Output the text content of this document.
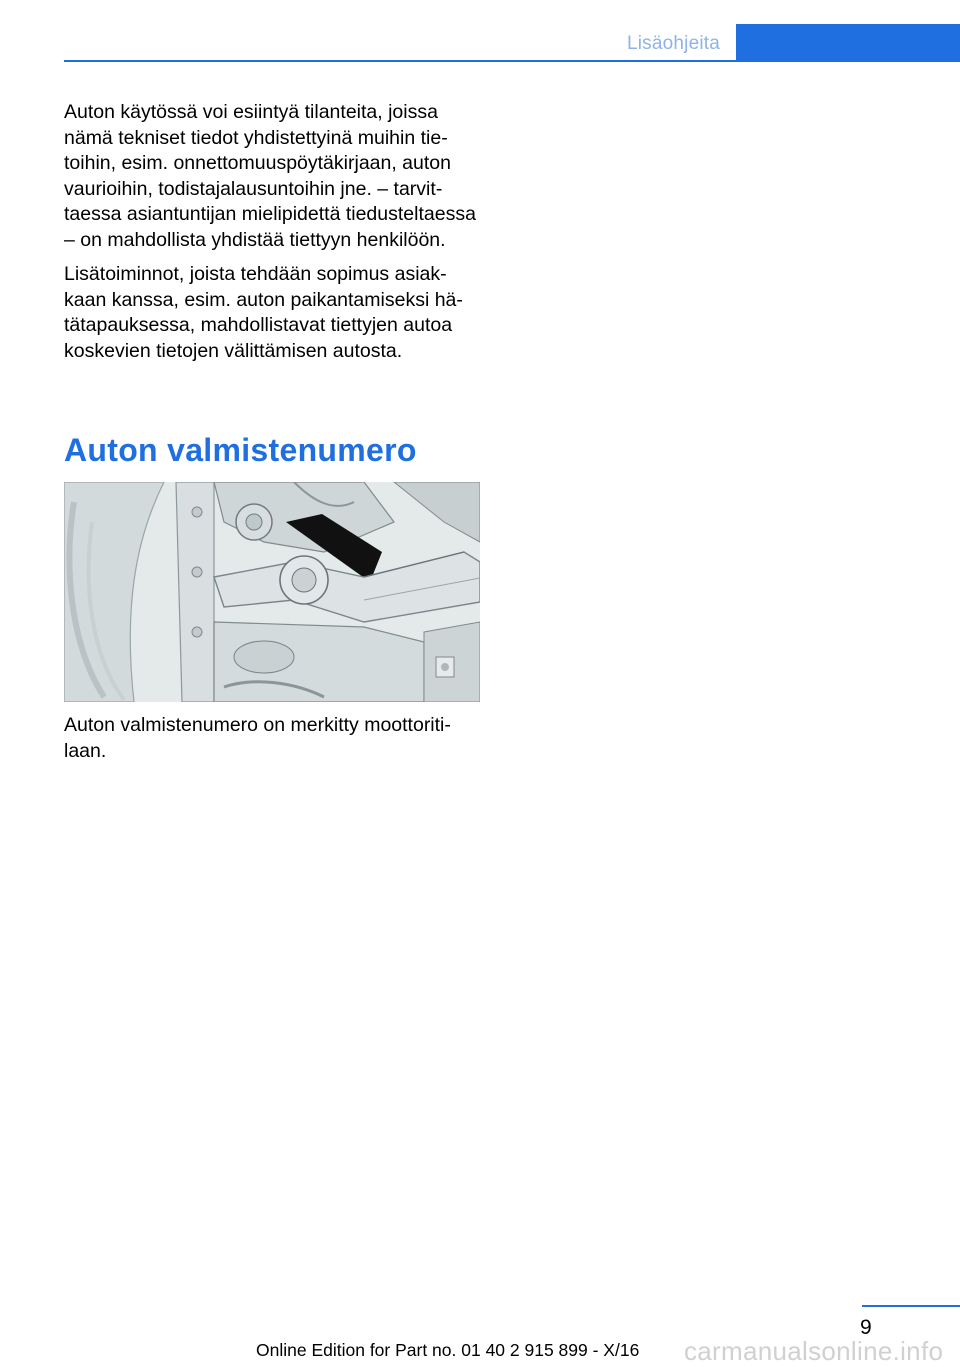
Lisäohjeita

Auton käytössä voi esiintyä tilanteita, joissa nämä tekniset tiedot yhdistettyinä muihin tietoihin, esim. onnettomuuspöytäkirjaan, auton vaurioihin, todistajalausuntoihin jne. – tarvittaessa asiantuntijan mielipidettä tiedusteltaessa – on mahdollista yhdistää tiettyyn henkilöön.

Lisätoiminnot, joista tehdään sopimus asiakkaan kanssa, esim. auton paikantamiseksi hätätapauksessa, mahdollistavat tiettyjen autoa koskevien tietojen välittämisen autosta.

Auton valmistenumero
Auton valmistenumero on merkitty moottoritilaan.
9
Online Edition for Part no. 01 40 2 915 899 - X/16 carmanualsonline.info
